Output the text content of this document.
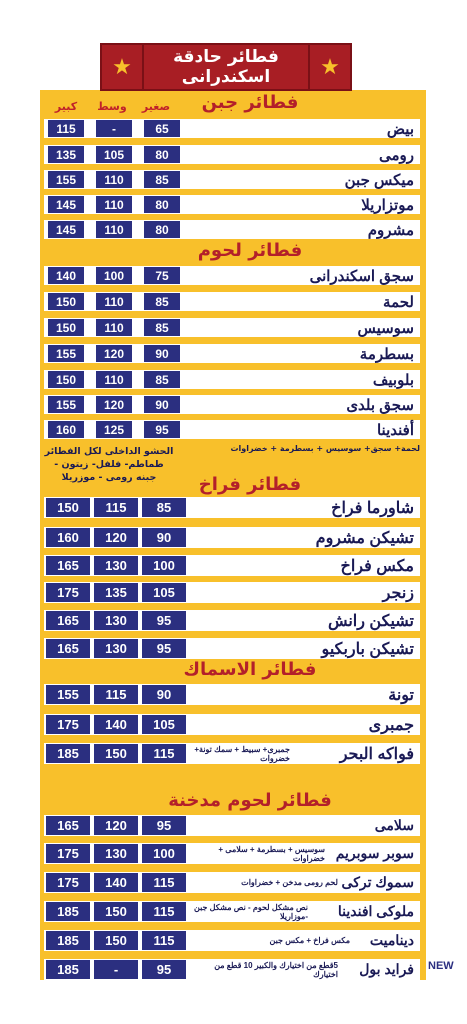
★	فطائر حادقة
اسكندرانى	★
كبير	وسط	صغير	فطائر جبن
فطائر لحوم
فطائر فراخ
فطائر الاسماك
فطائر لحوم مدخنة
لحمة+ سجق+ سوسيس + بسطرمة + خضراوات
الحشو الداخلى لكل الفطائر طماطم- فلفل- زيتون - جبنه رومى - موزريلا
115	-	65	بيض
135	105	80	رومى
155	110	85	ميكس جبن
145	110	80	موتزاريلا
145	110	80	مشروم
140	100	75	سجق اسكندرانى
150	110	85	لحمة
150	110	85	سوسيس
155	120	90	بسطرمة
150	110	85	بلوبيف
155	120	90	سجق بلدى
160	125	95	أفندينا
150	115	85	شاورما فراخ
160	120	90	تشيكن مشروم
165	130	100	مكس فراخ
175	135	105	زنجر
165	130	95	تشيكن رانش
165	130	95	تشيكن باربكيو
155	115	90	تونة
175	140	105	جمبرى
185	150	115	فواكه البحر
جمبرى+ سبيط + سمك تونة+ خضروات
165	120	95	سلامى
175	130	100	سوبر سوبريم
سوسيس + بسطرمة + سلامى + خضراوات
175	140	115	سموك تركى
لحم رومى مدخن + خضراوات
185	150	115	ملوكى افندينا
نص مشكل لحوم - نص مشكل جبن -موزاريلا
185	150	115	ديناميت
مكس فراخ + مكس جبن
185	-	95	فرايد بول
5قطع من اختيارك والكبير 10 قطع من اختيارك
NEW
